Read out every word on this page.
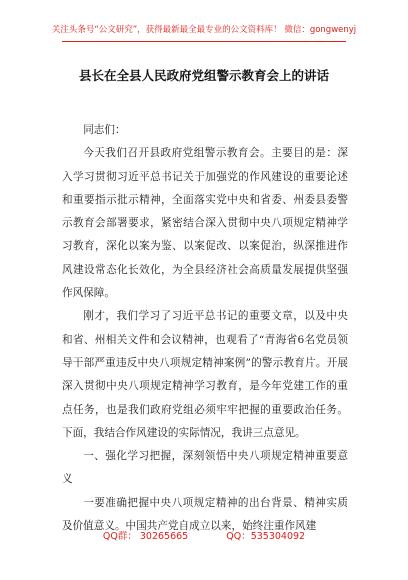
关注头条号“公文研究”，获得最新最全最专业的公文资料库！ 微信：gongwenyj
县长在全县人民政府党组警示教育会上的讲话

同志们：

今天我们召开县政府党组警示教育会。主要目的是：深入学习贯彻习近平总书记关于加强党的作风建设的重要论述和重要指示批示精神，全面落实党中央和省委、州委县委警示教育会部署要求，紧密结合深入贯彻中央八项规定精神学习教育，深化以案为鉴、以案促改、以案促治，纵深推进作风建设常态化长效化，为全县经济社会高质量发展提供坚强作风保障。

刚才，我们学习了习近平总书记的重要文章，以及中央和省、州相关文件和会议精神，也观看了“青海省6名党员领导干部严重违反中央八项规定精神案例”的警示教育片。开展深入贯彻中央八项规定精神学习教育，是今年党建工作的重点任务，也是我们政府党组必须牢牢把握的重要政治任务。下面，我结合作风建设的实际情况，我讲三点意见。

一、强化学习把握，深刻领悟中央八项规定精神重要意义

一要准确把握中央八项规定精神的出台背景、精神实质及价值意义。中国共产党自成立以来，始终注重作风建

QQ群： 30265665	QQ：535304092
